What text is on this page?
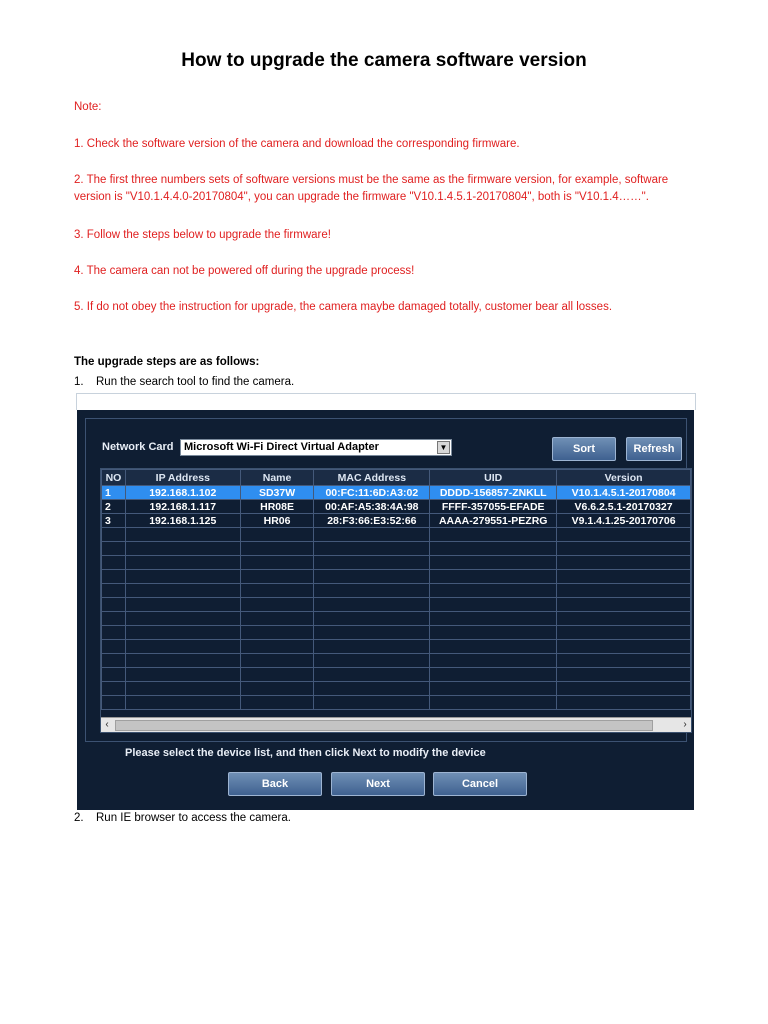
How to upgrade the camera software version
Note:
1. Check the software version of the camera and download the corresponding firmware.
2. The first three numbers sets of software versions must be the same as the firmware version, for example, software version is "V10.1.4.4.0-20170804", you can upgrade the firmware "V10.1.4.5.1-20170804", both is "V10.1.4……".
3. Follow the steps below to upgrade the firmware!
4. The camera can not be powered off during the upgrade process!
5. If do not obey the instruction for upgrade, the camera maybe damaged totally, customer bear all losses.
The upgrade steps are as follows:
1. Run the search tool to find the camera.
Network Card Microsoft Wi-Fi Direct Virtual Adapter	▼	Sort	Refresh
NO	IP Address	Name	MAC Address	UID	Version
1	192.168.1.102	SD37W	00:FC:11:6D:A3:02	DDDD-156857-ZNKLL	V10.1.4.5.1-20170804
2	192.168.1.117	HR08E	00:AF:A5:38:4A:98	FFFF-357055-EFADE	V6.6.2.5.1-20170327
3	192.168.1.125	HR06	28:F3:66:E3:52:66	AAAA-279551-PEZRG	V9.1.4.1.25-20170706

‹	›
Please select the device list, and then click Next to modify the device
Back	Next	Cancel
2. Run IE browser to access the camera.
